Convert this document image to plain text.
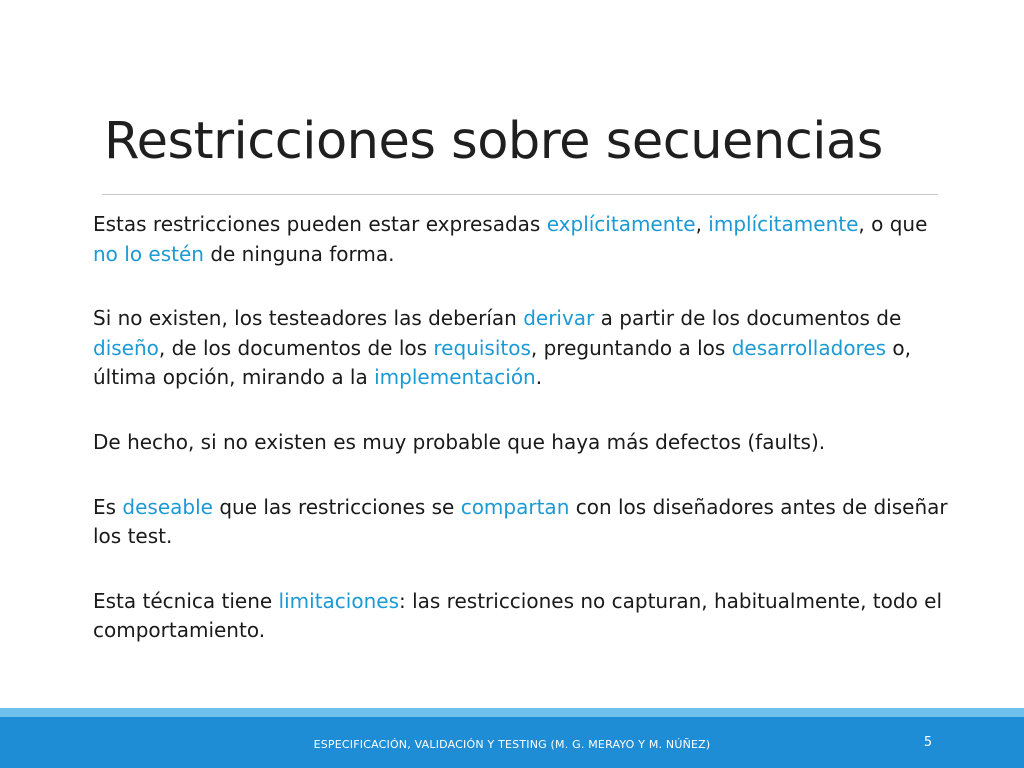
Restricciones sobre secuencias

Estas restricciones pueden estar expresadas explícitamente, implícitamente, o que no lo estén de ninguna forma.

Si no existen, los testeadores las deberían derivar a partir de los documentos de diseño, de los documentos de los requisitos, preguntando a los desarrolladores o, última opción, mirando a la implementación.

De hecho, si no existen es muy probable que haya más defectos (faults).

Es deseable que las restricciones se compartan con los diseñadores antes de diseñar los test.

Esta técnica tiene limitaciones: las restricciones no capturan, habitualmente, todo el comportamiento.

ESPECIFICACIÓN, VALIDACIÓN Y TESTING (M. G. MERAYO Y M. NÚÑEZ)	5
